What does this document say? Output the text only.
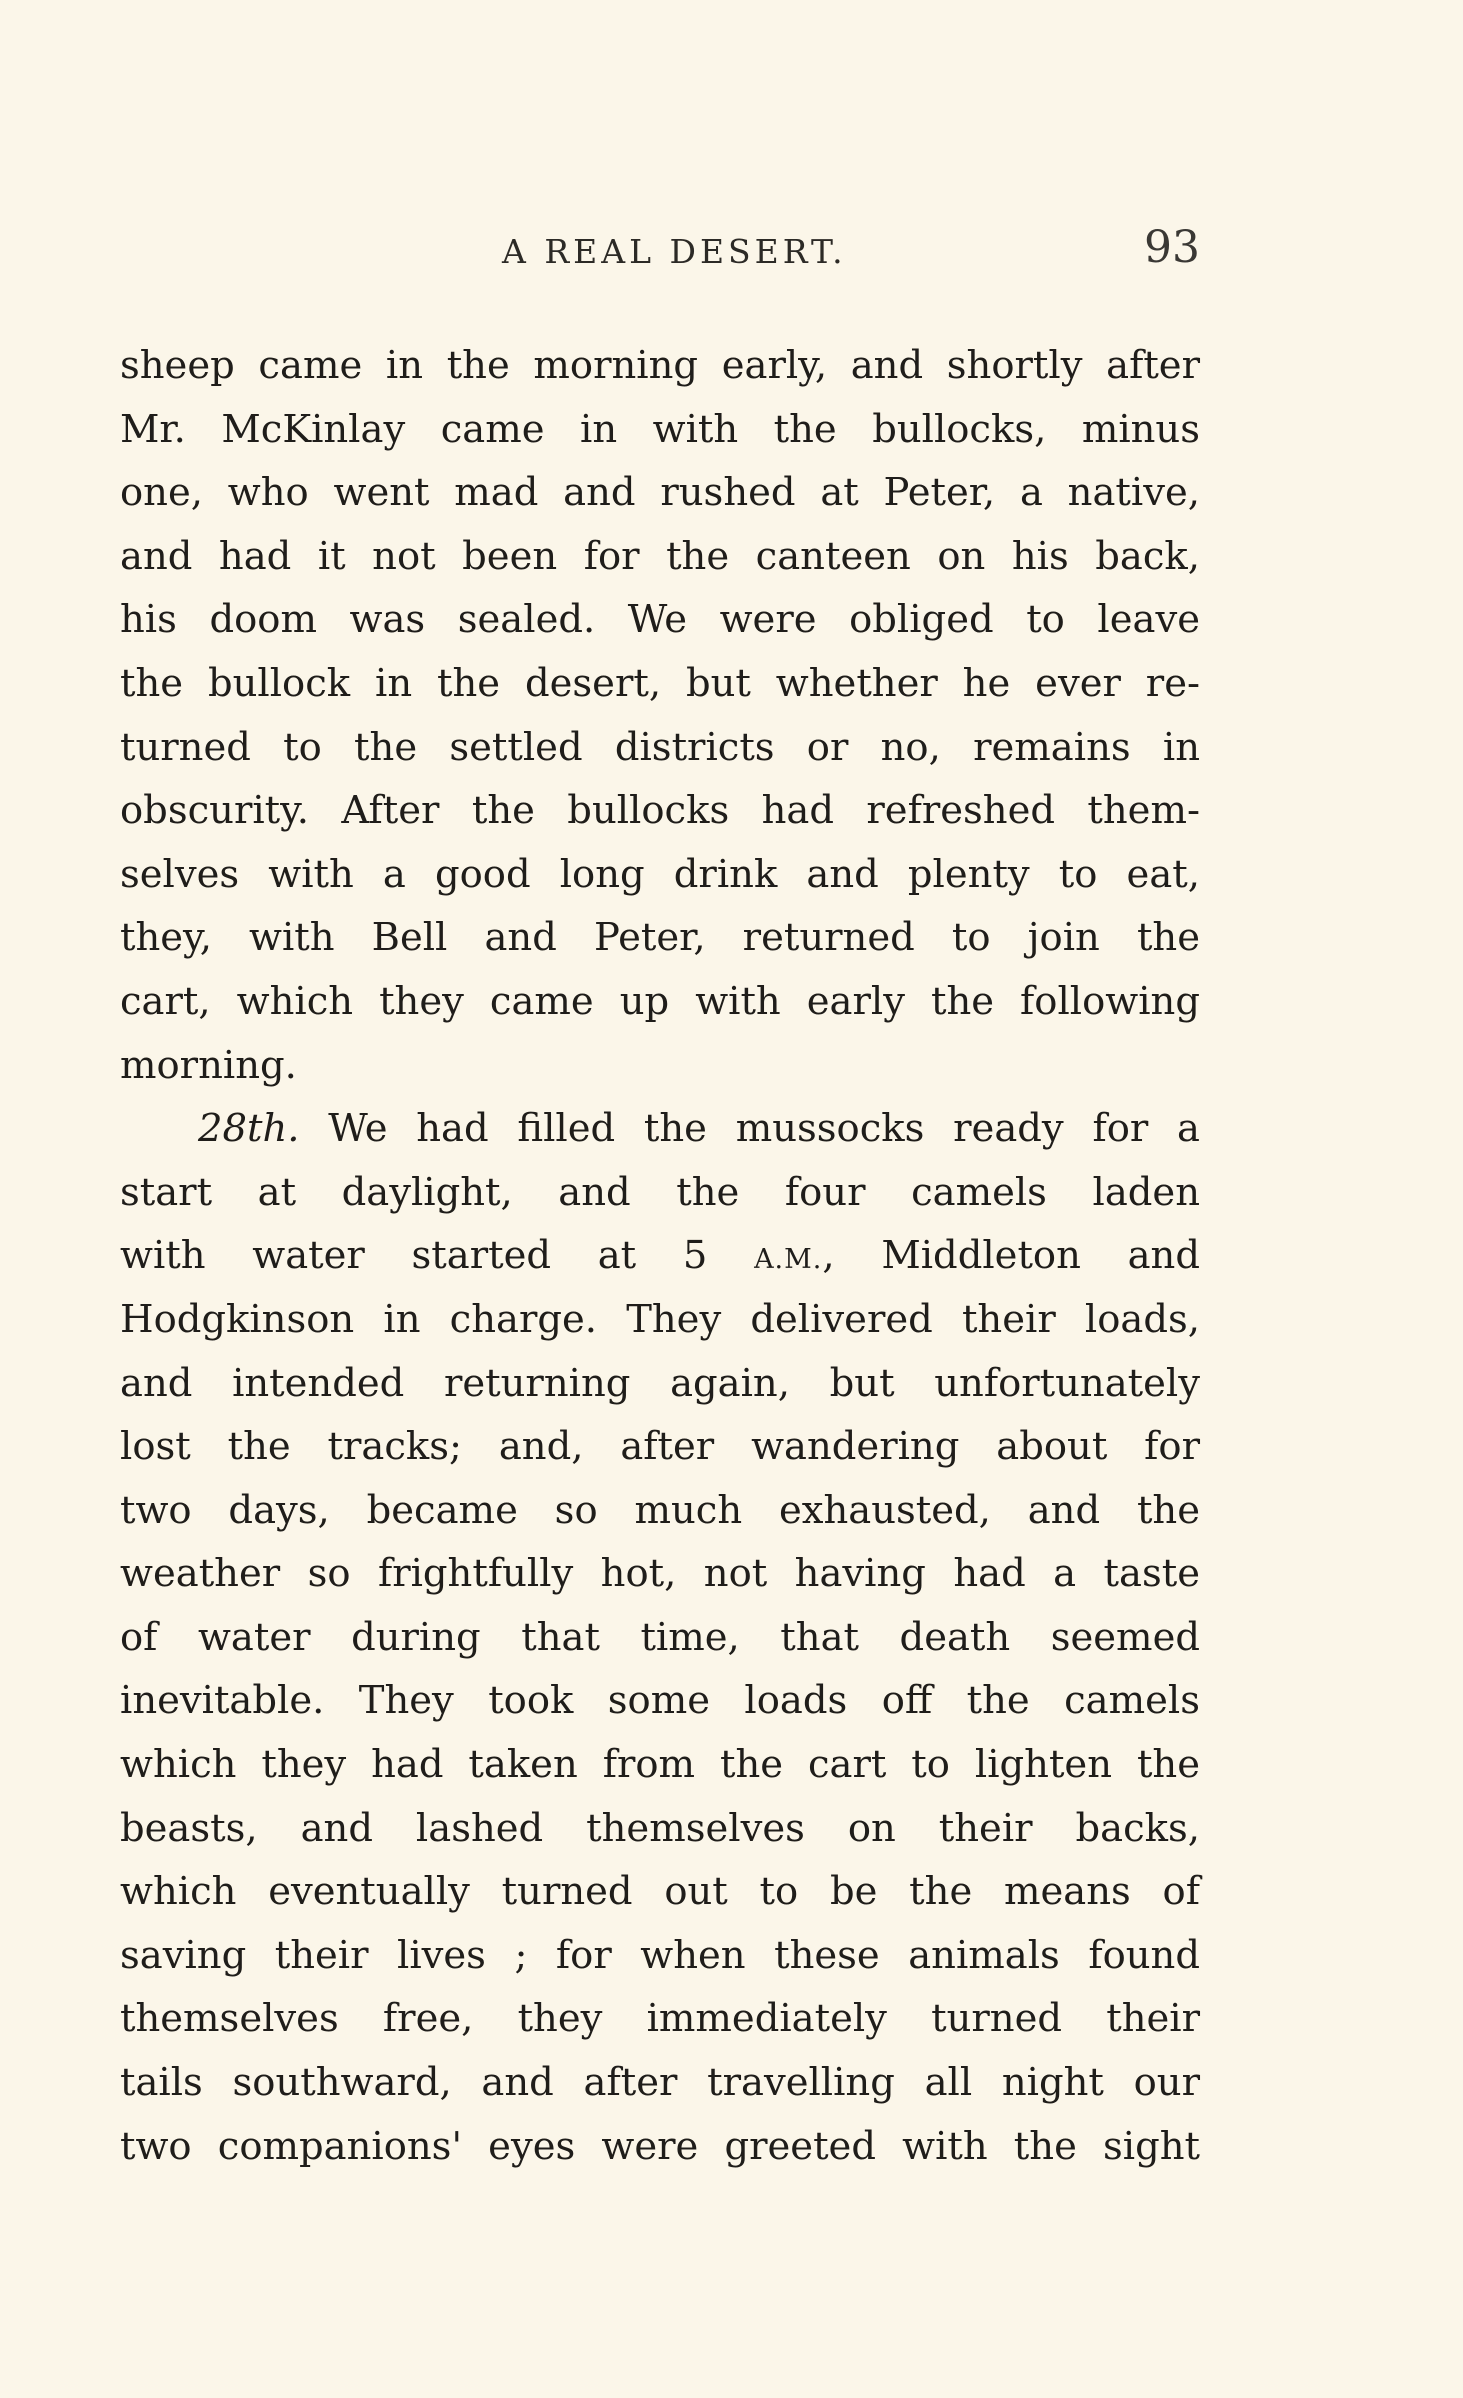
A REAL DESERT.	93
sheep came in the morning early, and shortly after
Mr. McKinlay came in with the bullocks, minus
one, who went mad and rushed at Peter, a native,
and had it not been for the canteen on his back,
his doom was sealed. We were obliged to leave
the bullock in the desert, but whether he ever re-
turned to the settled districts or no, remains in
obscurity. After the bullocks had refreshed them-
selves with a good long drink and plenty to eat,
they, with Bell and Peter, returned to join the
cart, which they came up with early the following
morning.
28th. We had filled the mussocks ready for a
start at daylight, and the four camels laden
with water started at 5 A.M., Middleton and
Hodgkinson in charge. They delivered their loads,
and intended returning again, but unfortunately
lost the tracks; and, after wandering about for
two days, became so much exhausted, and the
weather so frightfully hot, not having had a taste
of water during that time, that death seemed
inevitable. They took some loads off the camels
which they had taken from the cart to lighten the
beasts, and lashed themselves on their backs,
which eventually turned out to be the means of
saving their lives ; for when these animals found
themselves free, they immediately turned their
tails southward, and after travelling all night our
two companions' eyes were greeted with the sight
